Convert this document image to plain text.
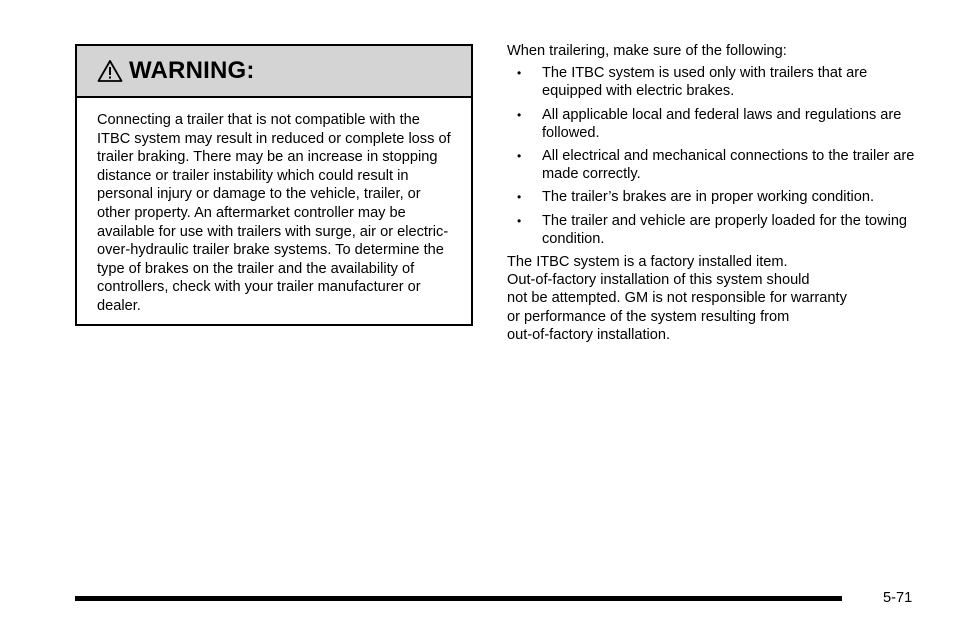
WARNING:
Connecting a trailer that is not compatible with the ITBC system may result in reduced or complete loss of trailer braking. There may be an increase in stopping distance or trailer instability which could result in personal injury or damage to the vehicle, trailer, or other property. An aftermarket controller may be available for use with trailers with surge, air or electric-over-hydraulic trailer brake systems. To determine the type of brakes on the trailer and the availability of controllers, check with your trailer manufacturer or dealer.

When trailering, make sure of the following:

• The ITBC system is used only with trailers that are equipped with electric brakes.
• All applicable local and federal laws and regulations are followed.
• All electrical and mechanical connections to the trailer are made correctly.
• The trailer’s brakes are in proper working condition.
• The trailer and vehicle are properly loaded for the towing condition.

The ITBC system is a factory installed item.
Out-of-factory installation of this system should
not be attempted. GM is not responsible for warranty
or performance of the system resulting from
out-of-factory installation.

5-71
